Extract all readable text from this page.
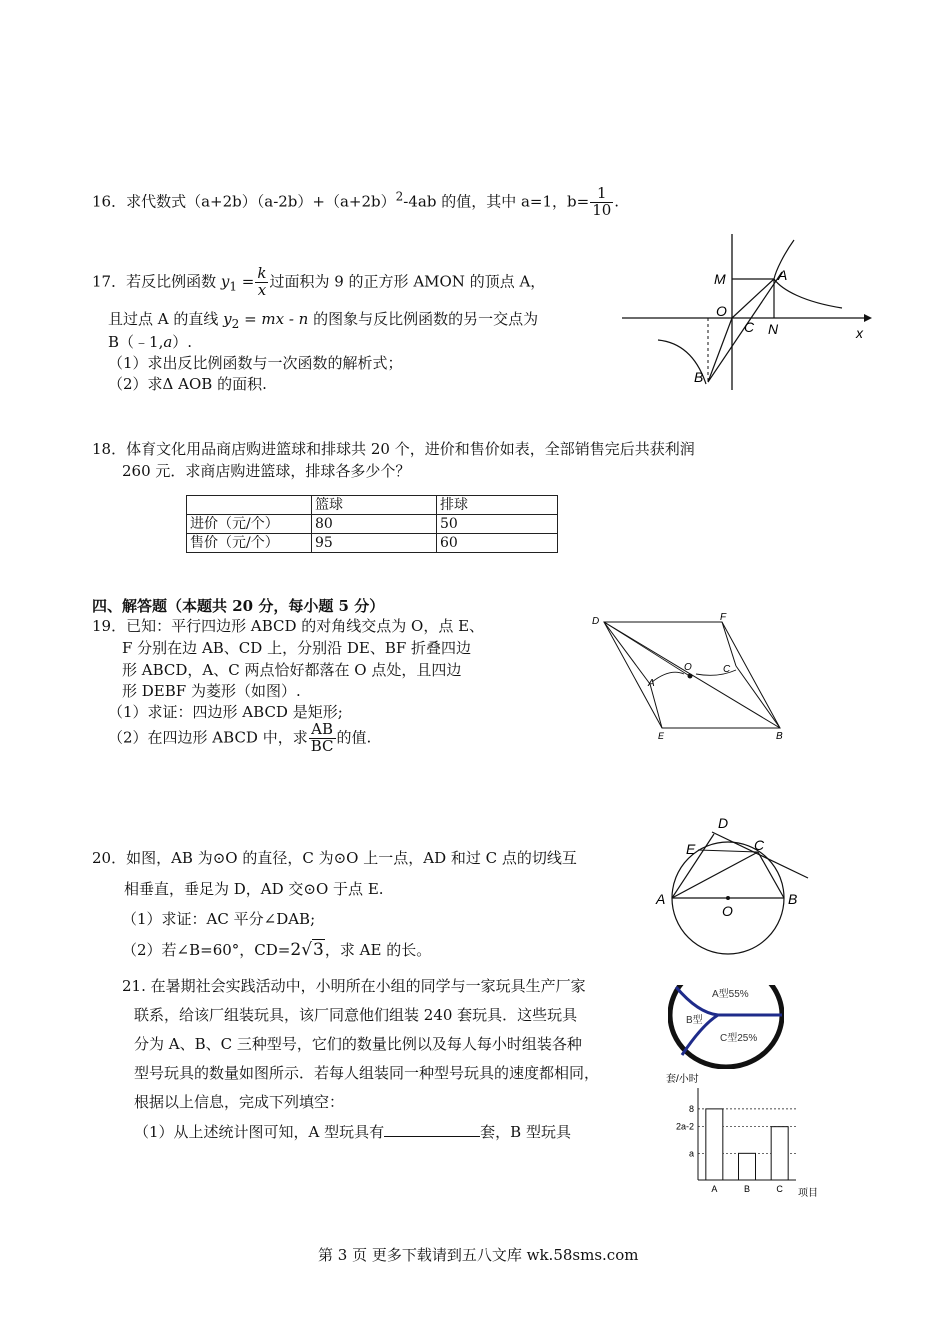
16．求代数式$(a+2b)(a-2b)+(a+2b)^2-4ab$ 的值，其中 a=1，$b= \frac{1}{10}$ .
17．若反比例函数 $y_1 = \frac{k}{x}$ 过面积为 9 的正方形 AMON 的顶点 A，
且过点 A 的直线 $y_2$ = mx - n 的图象与反比例函数的另一交点为
B（﹣1,a）.
（1）求出反比例函数与一次函数的解析式；
（2）求Δ AOB 的面积.
M	A
O
C N	x
B
18．体育文化用品商店购进篮球和排球共 20 个，进价和售价如表，全部销售完后共获利润
260 元．求商店购进篮球，排球各多少个？
	篮球	排球
进价（元/个）	80	50
售价（元/个）	95	60
四、解答题（本题共 20 分，每小题 5 分）
19．已知：平行四边形 ABCD 的对角线交点为 O，点 E、
F 分别在边 AB、CD 上，分别沿 DE、BF 折叠四边
形 ABCD，A、C 两点恰好都落在 O 点处，且四边
形 DEBF 为菱形（如图）.
（1）求证：四边形 ABCD 是矩形;
（2）在四边形 ABCD 中，求 $\frac{AB}{BC}$ 的值.
D	F
O
A
C
E	B
20．如图，AB 为⊙O 的直径，C 为⊙O 上一点，AD 和过 C 点的切线互
相垂直，垂足为 D，AD 交⊙O 于点 E.
（1）求证：AC 平分∠DAB;
（2）若∠B=60°，CD=2√3，求 AE 的长。
D
E	C
A
O
B
21. 在暑期社会实践活动中，小明所在小组的同学与一家玩具生产厂家
联系，给该厂组装玩具，该厂同意他们组装 240 套玩具．这些玩具
分为 A、B、C 三种型号，它们的数量比例以及每人每小时组装各种
型号玩具的数量如图所示．若每人组装同一种型号玩具的速度都相同，
根据以上信息，完成下列填空：
（1）从上述统计图可知，A 型玩具有	套，B 型玩具
A型55%
B型
C型25%
套/小时
项目
8
2a-2
a
A	B	C
第 3 页 更多下载请到五八文库 wk.58sms.com
